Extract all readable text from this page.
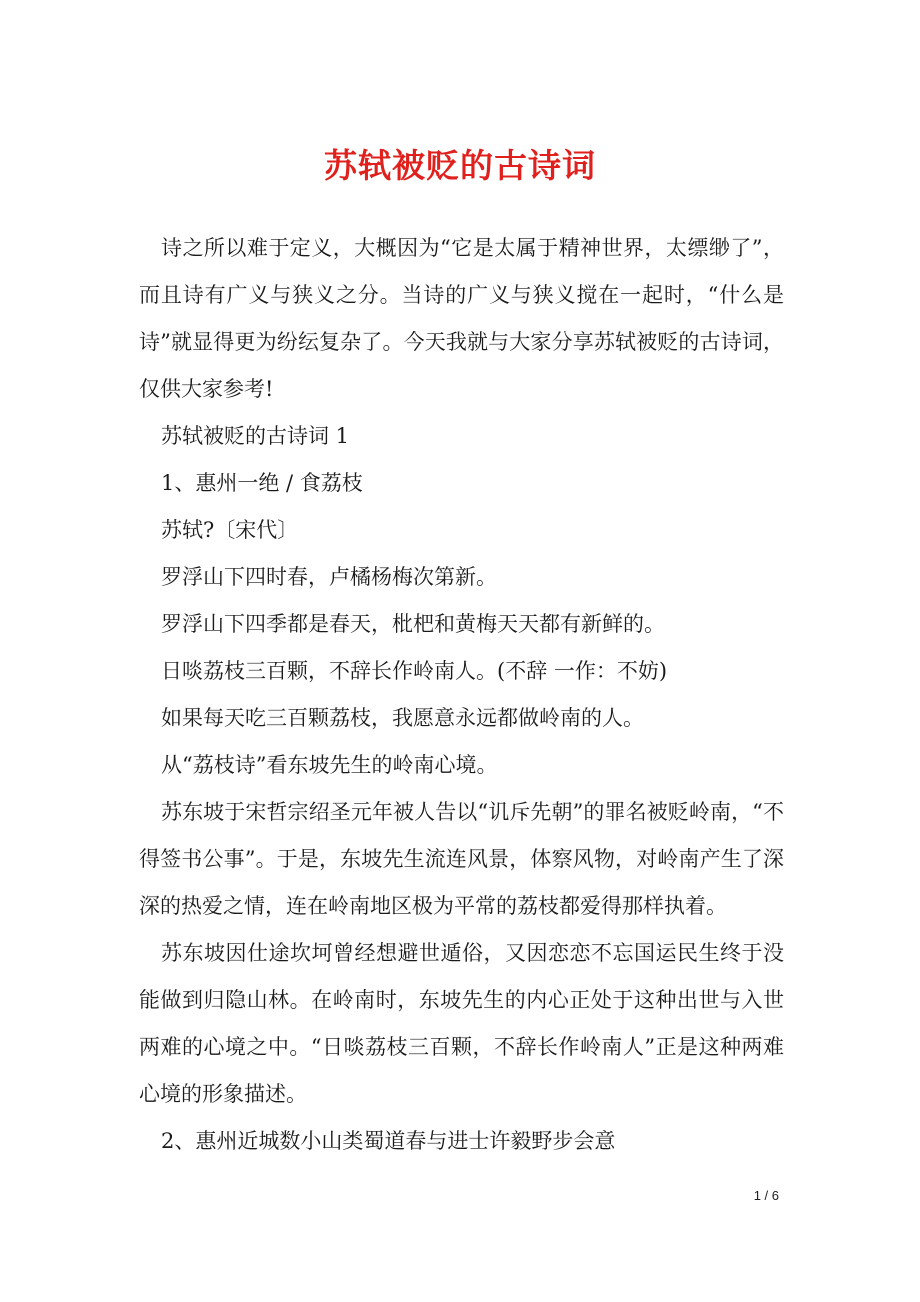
苏轼被贬的古诗词

诗之所以难于定义，大概因为“它是太属于精神世界，太缥缈了”，而且诗有广义与狭义之分。当诗的广义与狭义搅在一起时，“什么是诗”就显得更为纷纭复杂了。今天我就与大家分享苏轼被贬的古诗词，仅供大家参考!

苏轼被贬的古诗词 1

1、惠州一绝 / 食荔枝

苏轼?〔宋代〕

罗浮山下四时春，卢橘杨梅次第新。

罗浮山下四季都是春天，枇杷和黄梅天天都有新鲜的。

日啖荔枝三百颗，不辞长作岭南人。(不辞 一作：不妨)

如果每天吃三百颗荔枝，我愿意永远都做岭南的人。

从“荔枝诗”看东坡先生的岭南心境。

苏东坡于宋哲宗绍圣元年被人告以“讥斥先朝”的罪名被贬岭南，“不得签书公事”。于是，东坡先生流连风景，体察风物，对岭南产生了深深的热爱之情，连在岭南地区极为平常的荔枝都爱得那样执着。

苏东坡因仕途坎坷曾经想避世遁俗，又因恋恋不忘国运民生终于没能做到归隐山林。在岭南时，东坡先生的内心正处于这种出世与入世两难的心境之中。“日啖荔枝三百颗，不辞长作岭南人”正是这种两难心境的形象描述。

2、惠州近城数小山类蜀道春与进士许毅野步会意

1 / 6
